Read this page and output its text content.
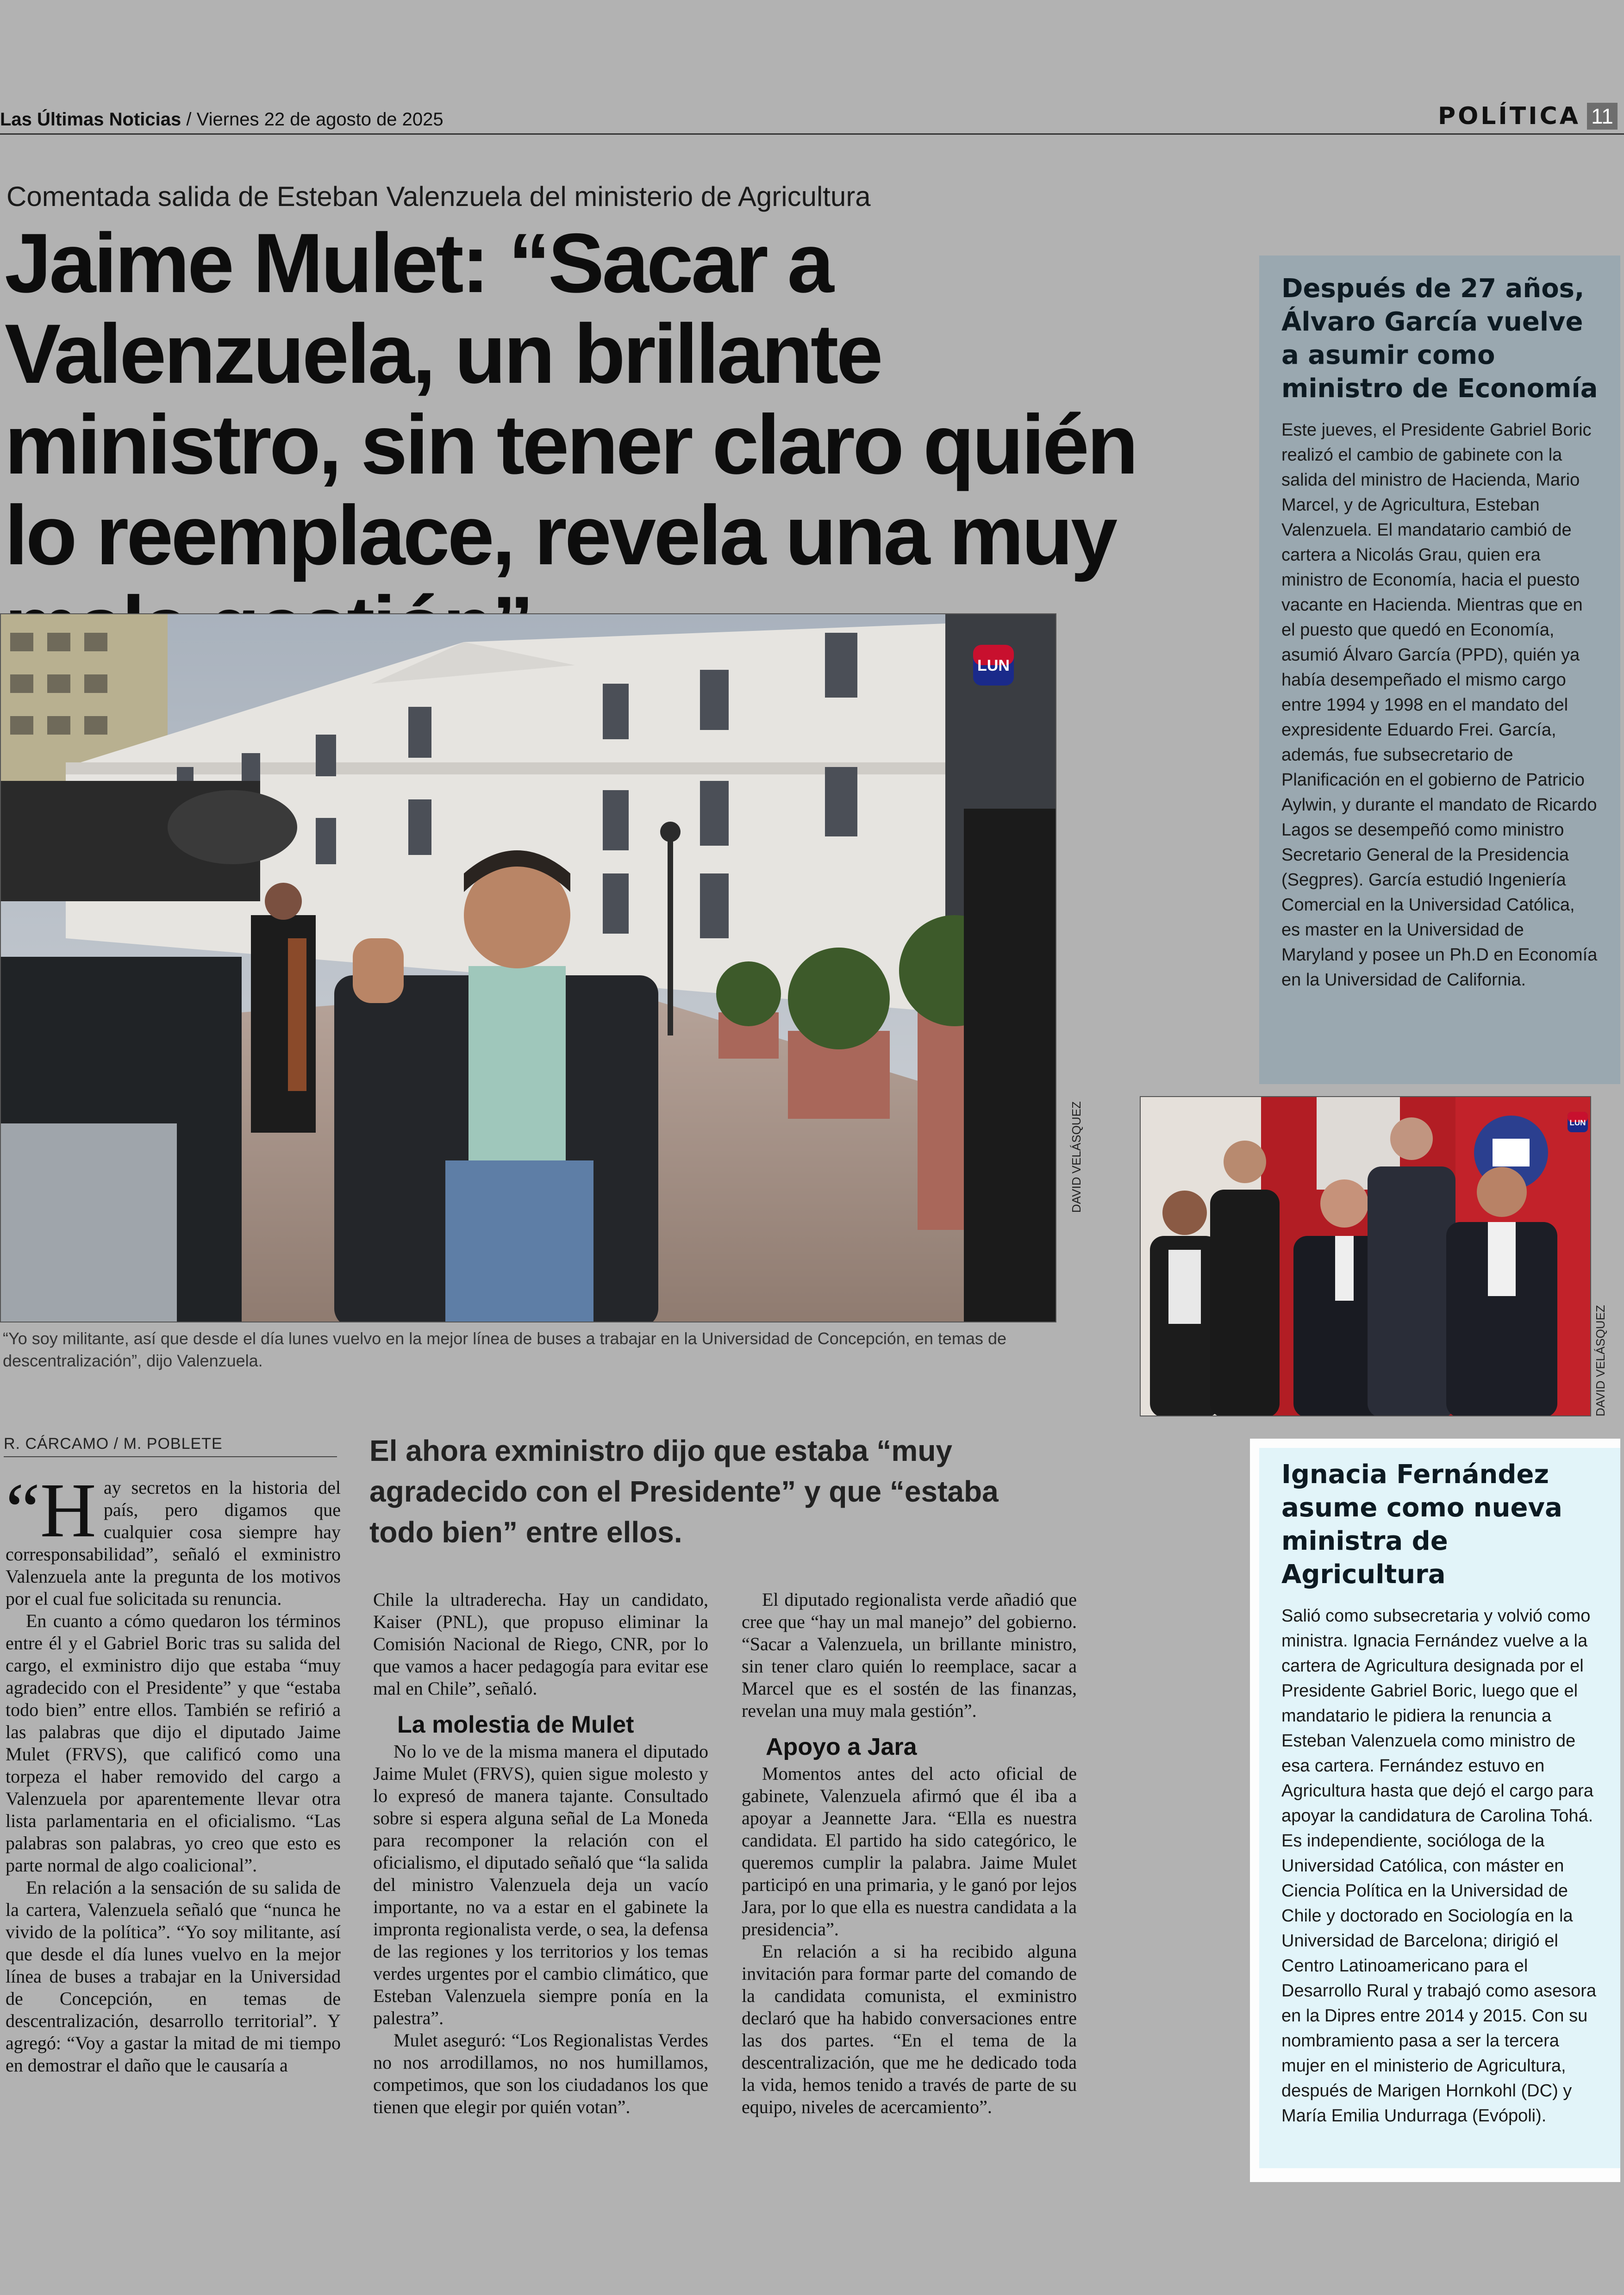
Las Últimas Noticias / Viernes 22 de agosto de 2025	POLÍTICA 11
Comentada salida de Esteban Valenzuela del ministerio de Agricultura
Jaime Mulet: “Sacar a Valenzuela, un brillante ministro, sin tener claro quién lo reemplace, revela una muy
LUN
DAVID VELÁSQUEZ
“Yo soy militante, así que desde el día lunes vuelvo en la mejor línea de buses a trabajar en la Universidad de Concepción, en temas de descentralización”, dijo Valenzuela.
R. CÁRCAMO / M. POBLETE	El ahora exministro dijo que estaba “muy agradecido con el Presidente” y que “estaba todo bien” entre ellos.

“H ay secretos en la historia del país, pero digamos que cualquier cosa siempre hay corresponsabilidad”, señaló el exministro Valenzuela ante la pregunta de los motivos por el cual fue solicitada su renuncia.

En cuanto a cómo quedaron los términos entre él y el Gabriel Boric tras su salida del cargo, el exministro dijo que estaba “muy agradecido con el Presidente” y que “estaba todo bien” entre ellos. También se refirió a las palabras que dijo el diputado Jaime Mulet (FRVS), que calificó como una torpeza el haber removido del cargo a Valenzuela por aparentemente llevar otra lista parlamentaria en el oficialismo. “Las palabras son palabras, yo creo que esto es parte normal de algo coalicional”.

En relación a la sensación de su salida de la cartera, Valenzuela señaló que “nunca he vivido de la política”. “Yo soy militante, así que desde el día lunes vuelvo en la mejor línea de buses a trabajar en la Universidad de Concepción, en temas de descentralización, desarrollo territorial”. Y agregó: “Voy a gastar la mitad de mi tiempo en demostrar el daño que le causaría a

Chile la ultraderecha. Hay un candidato, Kaiser (PNL), que propuso eliminar la Comisión Nacional de Riego, CNR, por lo que vamos a hacer pedagogía para evitar ese mal en Chile”, señaló.

La molestia de Mulet

No lo ve de la misma manera el diputado Jaime Mulet (FRVS), quien sigue molesto y lo expresó de manera tajante. Consultado sobre si espera alguna señal de La Moneda para recomponer la relación con el oficialismo, el diputado señaló que “la salida del ministro Valenzuela deja un vacío importante, no va a estar en el gabinete la impronta regionalista verde, o sea, la defensa de las regiones y los territorios y los temas verdes urgentes por el cambio climático, que Esteban Valenzuela siempre ponía en la palestra”.

Mulet aseguró: “Los Regionalistas Verdes no nos arrodillamos, no nos humillamos, competimos, que son los ciudadanos los que tienen que elegir por quién votan”.

El diputado regionalista verde añadió que cree que “hay un mal manejo” del gobierno. “Sacar a Valenzuela, un brillante ministro, sin tener claro quién lo reemplace, sacar a Marcel que es el sostén de las finanzas, revelan una muy mala gestión”.

Apoyo a Jara

Momentos antes del acto oficial de gabinete, Valenzuela afirmó que él iba a apoyar a Jeannette Jara. “Ella es nuestra candidata. El partido ha sido categórico, le queremos cumplir la palabra. Jaime Mulet participó en una primaria, y le ganó por lejos Jara, por lo que ella es nuestra candidata a la presidencia”.

En relación a si ha recibido alguna invitación para formar parte del comando de la candidata comunista, el exministro declaró que ha habido conversaciones entre las dos partes. “En el tema de la descentralización, que me he dedicado toda la vida, hemos tenido a través de parte de su equipo, niveles de acercamiento”.

Después de 27 años, Álvaro García vuelve a asumir como ministro de Economía

Este jueves, el Presidente Gabriel Boric realizó el cambio de gabinete con la salida del ministro de Hacienda, Mario Marcel, y de Agricultura, Esteban Valenzuela. El mandatario cambió de cartera a Nicolás Grau, quien era ministro de Economía, hacia el puesto vacante en Hacienda. Mientras que en el puesto que quedó en Economía, asumió Álvaro García (PPD), quién ya había desempeñado el mismo cargo entre 1994 y 1998 en el mandato del expresidente Eduardo Frei. García, además, fue subsecretario de Planificación en el gobierno de Patricio Aylwin, y durante el mandato de Ricardo Lagos se desempeñó como ministro Secretario General de la Presidencia (Segpres). García estudió Ingeniería Comercial en la Universidad Católica, es master en la Universidad de Maryland y posee un Ph.D en Economía en la Universidad de California.

LUN
DAVID VELÁSQUEZ
Ignacia Fernández asume como nueva ministra de Agricultura

Salió como subsecretaria y volvió como ministra. Ignacia Fernández vuelve a la cartera de Agricultura designada por el Presidente Gabriel Boric, luego que el mandatario le pidiera la renuncia a Esteban Valenzuela como ministro de esa cartera. Fernández estuvo en Agricultura hasta que dejó el cargo para apoyar la candidatura de Carolina Tohá. Es independiente, socióloga de la Universidad Católica, con máster en Ciencia Política en la Universidad de Chile y doctorado en Sociología en la Universidad de Barcelona; dirigió el Centro Latinoamericano para el Desarrollo Rural y trabajó como asesora en la Dipres entre 2014 y 2015. Con su nombramiento pasa a ser la tercera mujer en el ministerio de Agricultura, después de Marigen Hornkohl (DC) y María Emilia Undurraga (Evópoli).
